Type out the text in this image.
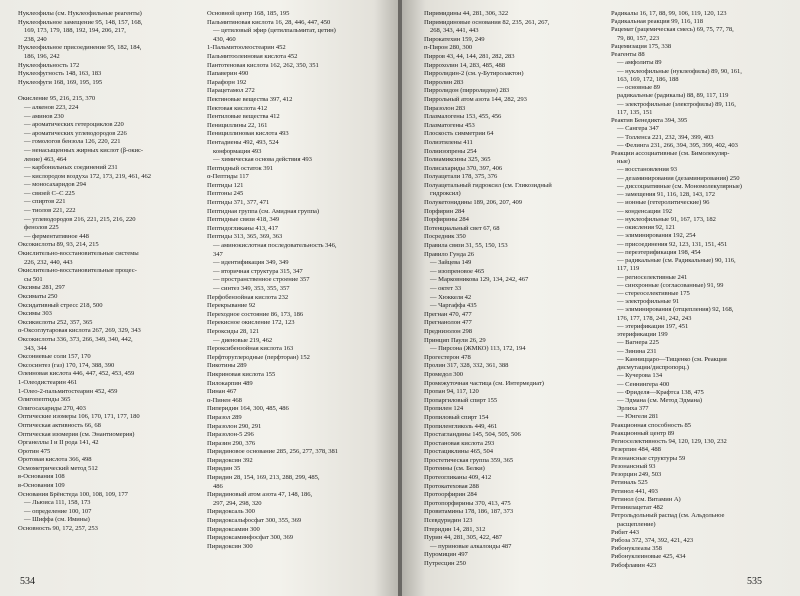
Нуклеофилы (см. Нуклеофильные реагенты)
Нуклеофильное замещение 95, 148, 157, 168,
169, 173, 179, 188, 192, 194, 206, 217,
238, 240
Нуклеофильное присоединение 95, 182, 184,
186, 196, 242
Нуклеофильность 172
Нуклеофугность 148, 163, 183
Нуклеофуги 168, 169, 195, 195
Окисление 95, 216, 215, 370
— алкенов 223, 224
— аминов 230
— ароматических гетероциклов 220
— ароматических углеводородов 226
— гомологов бензола 126, 220, 221
— ненасыщенных жирных кислот (β-окис-
ление) 463, 464
— карбонильных соединений 231
— кислородом воздуха 172, 173, 219, 461, 462
— моносахаридов 294
— связей С–С 225
— спиртов 221
— тиолов 221, 222
— углеводородов 216, 221, 215, 216, 220
фенолов 225
— ферментативное 448
Оксокислоты 89, 93, 214, 215
Окислительно-восстановительные системы
226, 232, 440, 443
Окислительно-восстановительные процес-
сы 501
Оксимы 281, 297
Оксиматы 250
Оксидативный стресс 218, 500
Оксимы 303
Оксикислоты 252, 357, 365
α-Оксоглутаровая кислота 267, 269, 329, 343
Оксокислоты 336, 373, 266, 349, 340, 442,
343, 344
Оксониевые соли 157, 170
Оксосинтез (газ) 170, 174, 388, 390
Олеиновая кислота 446, 447, 452, 453, 459
1-Олеодистеарин 461
1-Олео-2-пальмитостеарин 452, 459
Олигопептиды 365
Олигосахариды 270, 403
Оптические изомеры 106, 170, 171, 177, 180
Оптическая активность 66, 68
Оптическая изомерия (см. Энантиомерия)
Органеллы I и II рода 141, 42
Оротин 475
Оротовая кислота 366, 498
Осмометрический метод 512
в-Основания 108
в-Основания 109
Основания Брёнстеда 100, 108, 109, 177
— Льюиса 111, 158, 173
— определение 100, 107
— Шиффа (см. Имины)
Основность 90, 172, 257, 253
Основной центр 168, 185, 195
Пальмитиновая кислота 16, 28, 446, 447, 450
— цетиловый эфир (цетилпальмитат, цетин)
430, 460
1-Пальмитоолеостеарин 452
Пальмитоолеиновая кислота 452
Пантотеновая кислота 162, 262, 350, 351
Папаверин 490
Парафорн 192
Парацетамол 272
Пектиновые вещества 397, 412
Пектовая кислота 412
Пентиловые вещества 412
Пенициллины 22, 161
Пенициллиновая кислота 493
Пентадиены 492, 493, 524
конформация 493
— химическая основа действия 493
Пептидный остаток 391
α-Пептиды 117
Пептиды 121
Пептоны 245
Пептиды 371, 377, 471
Пептидная группа (см. Амидная группа)
Пептидные связи 418, 349
Пептидогликаны 413, 417
Пептиды 313, 365, 369, 363
— аминокислотная последовательность 346,
347
— идентификация 349, 349
— вторичная структура 315, 347
— пространственное строение 357
— синтез 349, 353, 355, 357
Перфобензойная кислота 232
Перекрывание 92
Переходное состояние 86, 173, 186
Перекисное окисление 172, 123
Пероксиды 28, 121
— диеновые 219, 462
Пероксибензойная кислота 163
Перфторуглеродные (перфторан) 152
Пикотины 289
Пикриновая кислота 155
Пилокарпин 489
Пинан 467
α-Пинен 468
Пиперидин 164, 300, 485, 486
Пиразол 289
Пиразолон 290, 291
Пиразолон-5 296
Пиразин 290, 376
Пиридиновое основание 285, 256, 277, 378, 381
Пиридоксин 392
Пиридин 35
Пиридин 28, 154, 169, 213, 288, 299, 485,
486
Пиридиновый атом азота 47, 148, 186,
297, 294, 298, 320
Пиридоксаль 300
Пиридоксальфосфат 300, 355, 369
Пиридоксамин 300
Пиридоксаминфосфат 300, 369
Пиридоксин 300
534
Пиримидины 44, 281, 306, 322
Пиримидиновые основания 82, 235, 261, 267,
268, 343, 441, 443
Пирокатехин 159, 249
п-Пирон 280, 300
Пирров 43, 44, 144, 281, 282, 283
Пиррохолин 14, 283, 485, 488
Пирролидин-2 (см. γ-Бутиролактон)
Пирролин 283
Пирролидон (пирролидон) 283
Пиррольный атом азота 144, 282, 293
Пиразолон 283
Плазмалогены 153, 455, 456
Плазматогены 453
Плоскость симметрии 64
Полиэтилены 411
Полиизопрены 254
Полиамиксины 325, 365
Полисахариды 370, 397, 406
Полуацетали 178, 375, 376
Полуацетальный гидроксил (см. Гликозидный
гидроксил)
Полукетонидины 189, 206, 207, 409
Порфирин 284
Порфирины 284
Потенциальный свет 67, 68
Посредник 350
Правила связи 31, 55, 150, 153
Правило Гунда 26
— Зайцева 149
— изопреновое 465
— Марковникова 129, 134, 242, 467
— октет 33
— Хюккеля 42
— Чаргаффа 435
Прегнан 470, 477
Прегнанолон 477
Преднизолон 298
Принцип Паули 26, 29
— Пирсона (ЖМКО) 113, 172, 194
Прогестерон 478
Пролин 317, 328, 332, 361, 388
Промедол 300
Промежуточная частица (см. Интермедиат)
Пропан 94, 117, 120
Пропаргиловый спирт 155
Пропилен 124
Пропиловый спирт 154
Пропиленгликоль 449, 461
Простагландины 145, 504, 505, 506
Простановая кислота 293
Простациклины 465, 504
Простетическая группа 359, 365
Протеины (см. Белки)
Протеогликаны 409, 412
Протокатеховая 288
Протоорфирин 284
Протопорфирины 370, 413, 475
Провитамины 178, 186, 187, 373
Псевдуридин 123
Птеридин 14, 281, 312
Пурин 44, 281, 305, 422, 487
— пуриновые алкалоиды 487
Пуромицин 497
Путресцин 250
Радикалы 16, 17, 88, 99, 106, 119, 120, 123
Радикальная реакция 99, 116, 118
Рацемат (рацемическая смесь) 69, 75, 77, 78,
79, 80, 157, 223
Рацемизация 175, 338
Реагенты 88
— амфолиты 89
— нуклеофильные (нуклеофилы) 89, 90, 161,
163, 169, 172, 186, 188
— основные 89
радикальные (радикалы) 88, 89, 117, 119
— электрофильные (электрофилы) 89, 116,
117, 135, 151
Реактив Бенедикта 394, 395
— Сангера 347
— Толленса 221, 232, 394, 399, 403
— Фелинга 231, 266, 394, 395, 399, 402, 403
Реакции ассоциативные (см. Бимолекуляр-
ные)
— восстановления 93
— дезаминирования (дезаминирования) 250
— диссоциативные (см. Мономолекулярные)
— замещения 91, 116, 128, 143, 172
— ионные (гетеролитические) 96
— конденсации 192
— нуклеофильные 91, 167, 173, 182
— окисления 92, 121
— элиминирования 192, 254
— присоединения 92, 123, 131, 151, 451
— переэтерификация 198, 454
— радикальные (см. Радикальные) 90, 116,
117, 119
— региоселективные 241
— синхронные (согласованные) 91, 99
— стереоселективные 175
— электрофильные 91
— элиминирования (отщепления) 92, 168,
176, 177, 178, 241, 242, 243
— этерификация 197, 451
этерификации 199
— Вагнера 225
— Зинина 231
— Канниццаро—Тищенко (см. Реакция
дисмутации/диспропорц.)
— Кучерова 134
— Сеннингера 400
— Фриделя—Крафтса 138, 475
— Эдмана (см. Метод Эдмана)
Эрлиха 377
— Юнгеля 281
Реакционная способность 85
Реакционный центр 89
Региоселективность 94, 120, 129, 130, 232
Резерпин 484, 488
Резонансные структуры 59
Резонансный 93
Резорцин 249, 503
Ретиналь 525
Ретинол 441, 493
Ретинол (см. Витамин А)
Ретинилацетат 482
Ретрольдольный распад (см. Альдольное
расщепление)
Рибит 443
Рибоза 372, 374, 392, 421, 423
Рибонуклеазы 358
Рибонуклеиновые 425, 434
Рибофлавин 423
535
